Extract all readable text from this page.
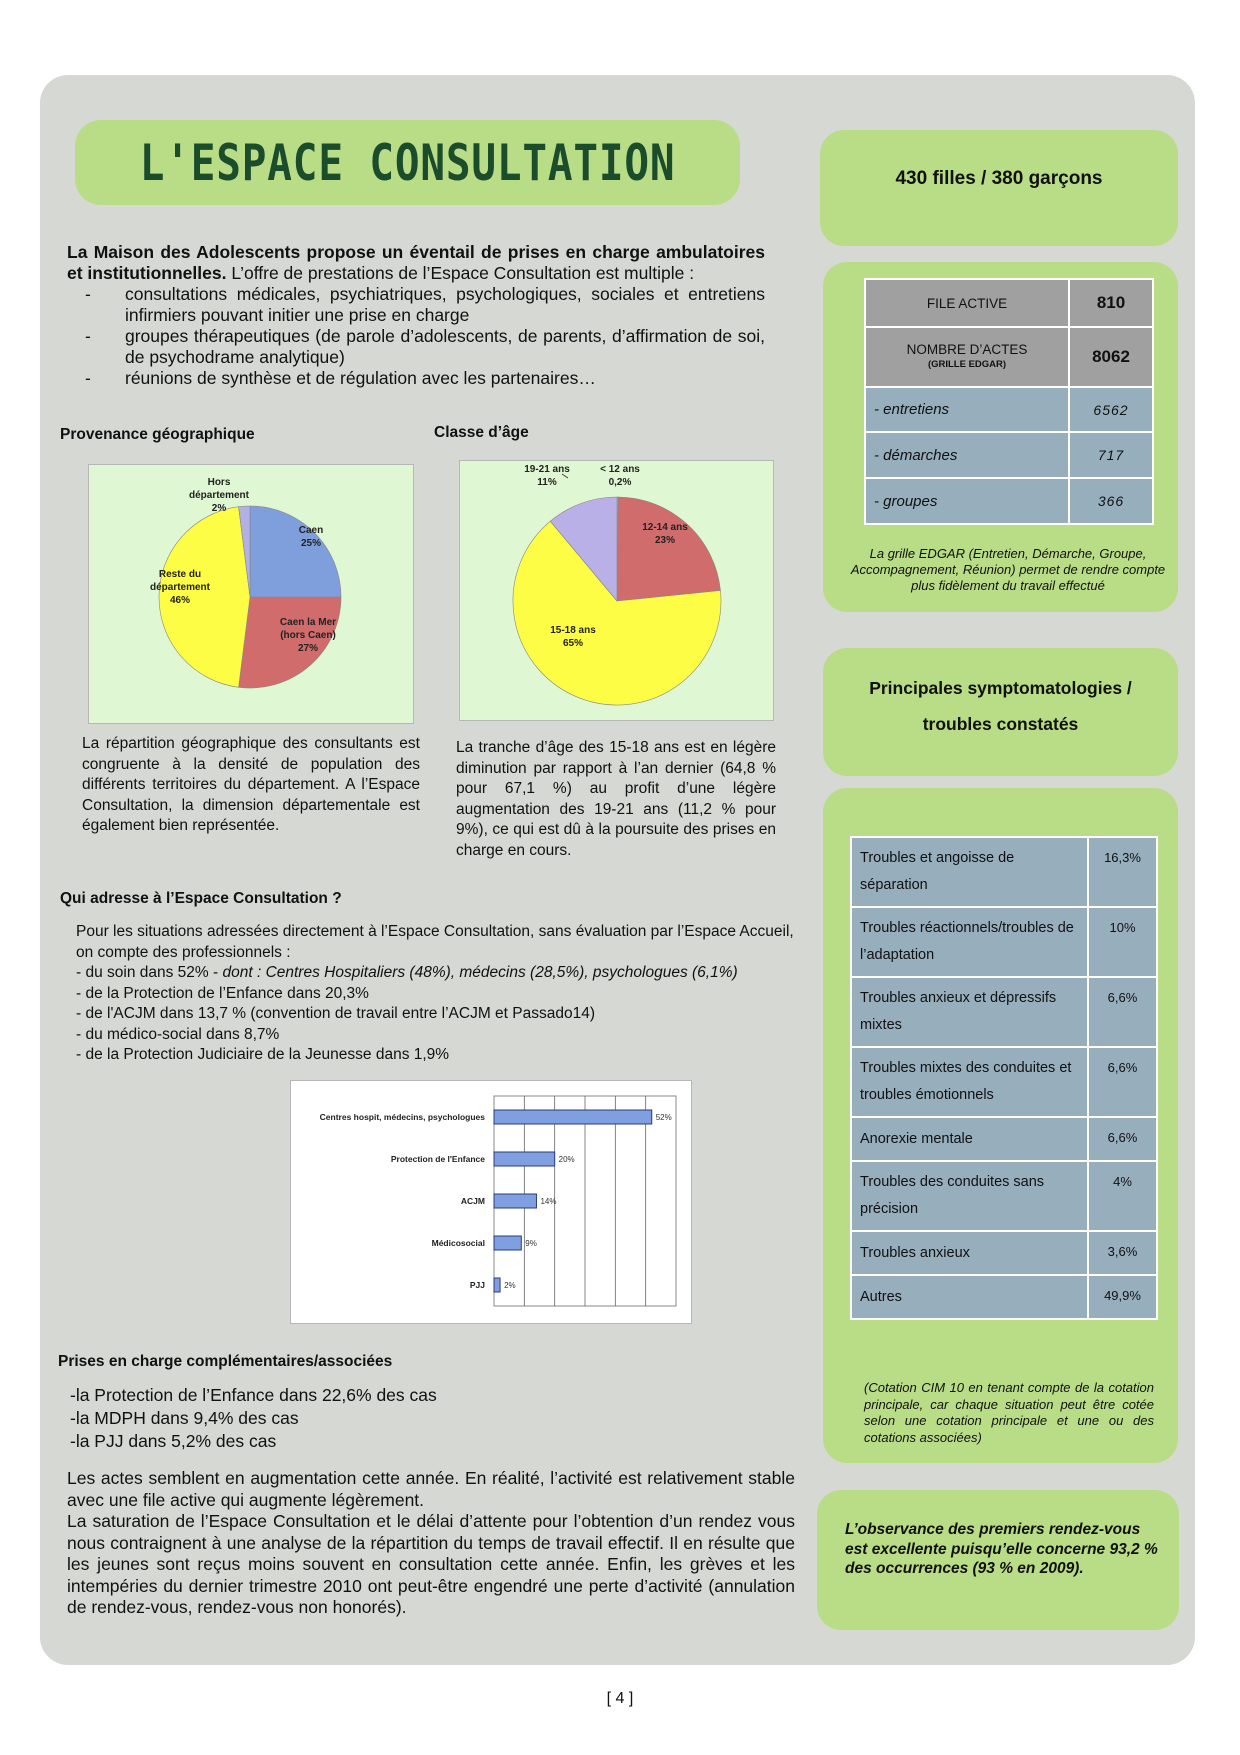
L'ESPACE CONSULTATION

La Maison des Adolescents propose un éventail de prises en charge ambulatoires et institutionnelles. L’offre de prestations de l’Espace Consultation est multiple :

- consultations médicales, psychiatriques, psychologiques, sociales et entretiens infirmiers pouvant initier une prise en charge
- groupes thérapeutiques (de parole d’adolescents, de parents, d’affirmation de soi, de psychodrame analytique)
- réunions de synthèse et de régulation avec les partenaires…
Provenance géographique
Caen 25%
Caen la Mer (hors Caen) 27%
Reste du département 46%
Hors département 2%
La répartition géographique des consultants est congruente à la densité de population des différents territoires du département. A l’Espace Consultation, la dimension départementale est également bien représentée.
Classe d’âge
< 12 ans 0,2%
12-14 ans 23%
15-18 ans 65%
19-21 ans 11%
La tranche d’âge des 15-18 ans est en légère diminution par rapport à l’an dernier (64,8 % pour 67,1 %) au profit d’une légère augmentation des 19-21 ans (11,2 % pour 9%), ce qui est dû à la poursuite des prises en charge en cours.
Qui adresse à l’Espace Consultation ?
Pour les situations adressées directement à l’Espace Consultation, sans évaluation par l’Espace Accueil, on compte des professionnels :
- du soin dans 52% - dont : Centres Hospitaliers (48%), médecins (28,5%), psychologues (6,1%)
- de la Protection de l’Enfance dans 20,3%
- de l'ACJM dans 13,7 % (convention de travail entre l’ACJM et Passado14)
- du médico-social dans 8,7%
- de la Protection Judiciaire de la Jeunesse dans 1,9%
Centres hospit, médecins, psychologues	52%
Protection de l'Enfance	20%
ACJM	14%
Médicosocial	9%
PJJ 2%
Prises en charge complémentaires/associées
-la Protection de l’Enfance dans 22,6% des cas
-la MDPH dans 9,4% des cas
-la PJJ dans 5,2% des cas

Les actes semblent en augmentation cette année. En réalité, l’activité est relativement stable avec une file active qui augmente légèrement.

La saturation de l’Espace Consultation et le délai d’attente pour l’obtention d’un rendez vous nous contraignent à une analyse de la répartition du temps de travail effectif. Il en résulte que les jeunes sont reçus moins souvent en consultation cette année. Enfin, les grèves et les intempéries du dernier trimestre 2010 ont peut-être engendré une perte d’activité (annulation de rendez-vous, rendez-vous non honorés).

430 filles / 380 garçons
FILE ACTIVE	810

NOMBRE D’ACTES
(GRILLE EDGAR)	8062
- entretiens	6562
- démarches	717
- groupes	366
La grille EDGAR (Entretien, Démarche, Groupe, Accompagnement, Réunion) permet de rendre compte plus fidèlement du travail effectué
Principales symptomatologies /
troubles constatés
Troubles et angoisse de séparation	16,3%
Troubles réactionnels/troubles de l’adaptation	10%
Troubles anxieux et dépressifs mixtes	6,6%
Troubles mixtes des conduites et troubles émotionnels	6,6%
Anorexie mentale	6,6%
Troubles des conduites sans précision	4%
Troubles anxieux	3,6%
Autres	49,9%
(Cotation CIM 10 en tenant compte de la cotation principale, car chaque situation peut être cotée selon une cotation principale et une ou des cotations associées)
L’observance des premiers rendez-vous est excellente puisqu’elle concerne 93,2 % des occurrences (93 % en 2009).
[ 4 ]
